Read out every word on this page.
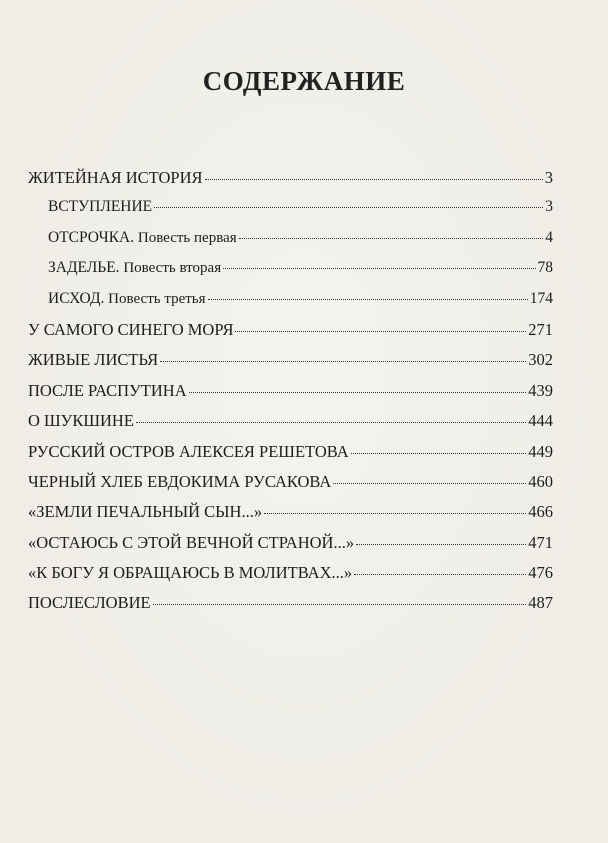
СОДЕРЖАНИЕ
ЖИТЕЙНАЯ ИСТОРИЯ	3
ВСТУПЛЕНИЕ	3
ОТСРОЧКА. Повесть первая	4
ЗАДЕЛЬЕ. Повесть вторая	78
ИСХОД. Повесть третья	174
У САМОГО СИНЕГО МОРЯ	271
ЖИВЫЕ ЛИСТЬЯ	302
ПОСЛЕ РАСПУТИНА	439
О ШУКШИНЕ	444
РУССКИЙ ОСТРОВ АЛЕКСЕЯ РЕШЕТОВА	449
ЧЕРНЫЙ ХЛЕБ ЕВДОКИМА РУСАКОВА	460
«ЗЕМЛИ ПЕЧАЛЬНЫЙ СЫН...»	466
«ОСТАЮСЬ С ЭТОЙ ВЕЧНОЙ СТРАНОЙ...»	471
«К БОГУ Я ОБРАЩАЮСЬ В МОЛИТВАХ...»	476
ПОСЛЕСЛОВИЕ	487
